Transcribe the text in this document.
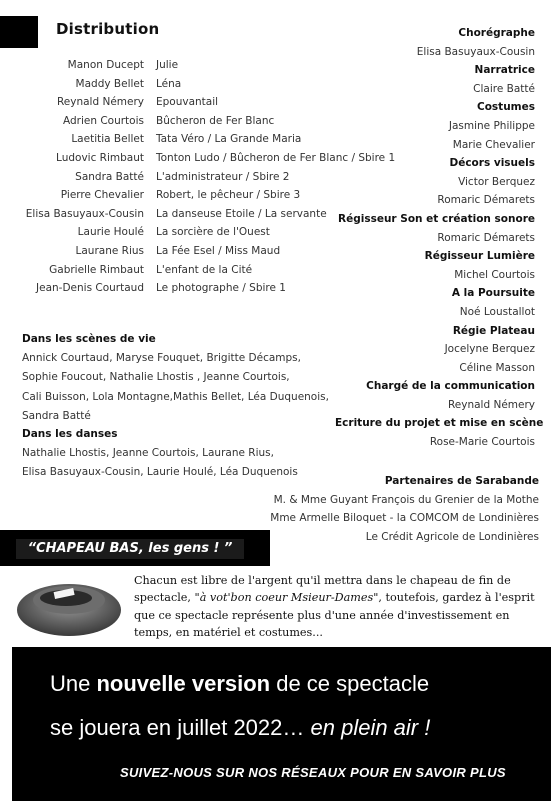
Distribution
Manon Ducept Julie
Maddy Bellet Léna
Reynald Némery Epouvantail
Adrien Courtois Bûcheron de Fer Blanc
Laetitia Bellet Tata Véro / La Grande Maria
Ludovic Rimbaut Tonton Ludo / Bûcheron de Fer Blanc / Sbire 1
Sandra Batté L'administrateur / Sbire 2
Pierre Chevalier Robert, le pêcheur / Sbire 3
Elisa Basuyaux-Cousin La danseuse Etoile / La servante
Laurie Houlé La sorcière de l'Ouest
Laurane Rius La Fée Esel / Miss Maud
Gabrielle Rimbaut L'enfant de la Cité
Jean-Denis Courtaud Le photographe / Sbire 1
Dans les scènes de vie
Annick Courtaud, Maryse Fouquet, Brigitte Décamps,
Sophie Foucout, Nathalie Lhostis , Jeanne Courtois,
Cali Buisson, Lola Montagne,Mathis Bellet, Léa Duquenois,
Sandra Batté
Dans les danses
Nathalie Lhostis, Jeanne Courtois, Laurane Rius,
Elisa Basuyaux-Cousin, Laurie Houlé, Léa Duquenois
Chorégraphe
Elisa Basuyaux-Cousin
Narratrice
Claire Batté
Costumes
Jasmine Philippe
Marie Chevalier
Décors visuels
Victor Berquez
Romaric Démarets
Régisseur Son et création sonore
Romaric Démarets
Régisseur Lumière
Michel Courtois
A la Poursuite
Noé Loustallot
Régie Plateau
Jocelyne Berquez
Céline Masson
Chargé de la communication
Reynald Némery
Ecriture du projet et mise en scène
Rose-Marie Courtois
Partenaires de Sarabande
M. & Mme Guyant François du Grenier de la Mothe
Mme Armelle Biloquet - la COMCOM de Londinières
Le Crédit Agricole de Londinières
“CHAPEAU BAS, les gens ! ”
Chacun est libre de l'argent qu'il mettra dans le chapeau de fin de spectacle, "à vot'bon coeur Msieur-Dames", toutefois, gardez à l'esprit que ce spectacle représente plus d'une année d'investissement en temps, en matériel et costumes...
Une nouvelle version de ce spectacle
se jouera en juillet 2022… en plein air !
SUIVEZ-NOUS SUR NOS RÉSEAUX POUR EN SAVOIR PLUS
